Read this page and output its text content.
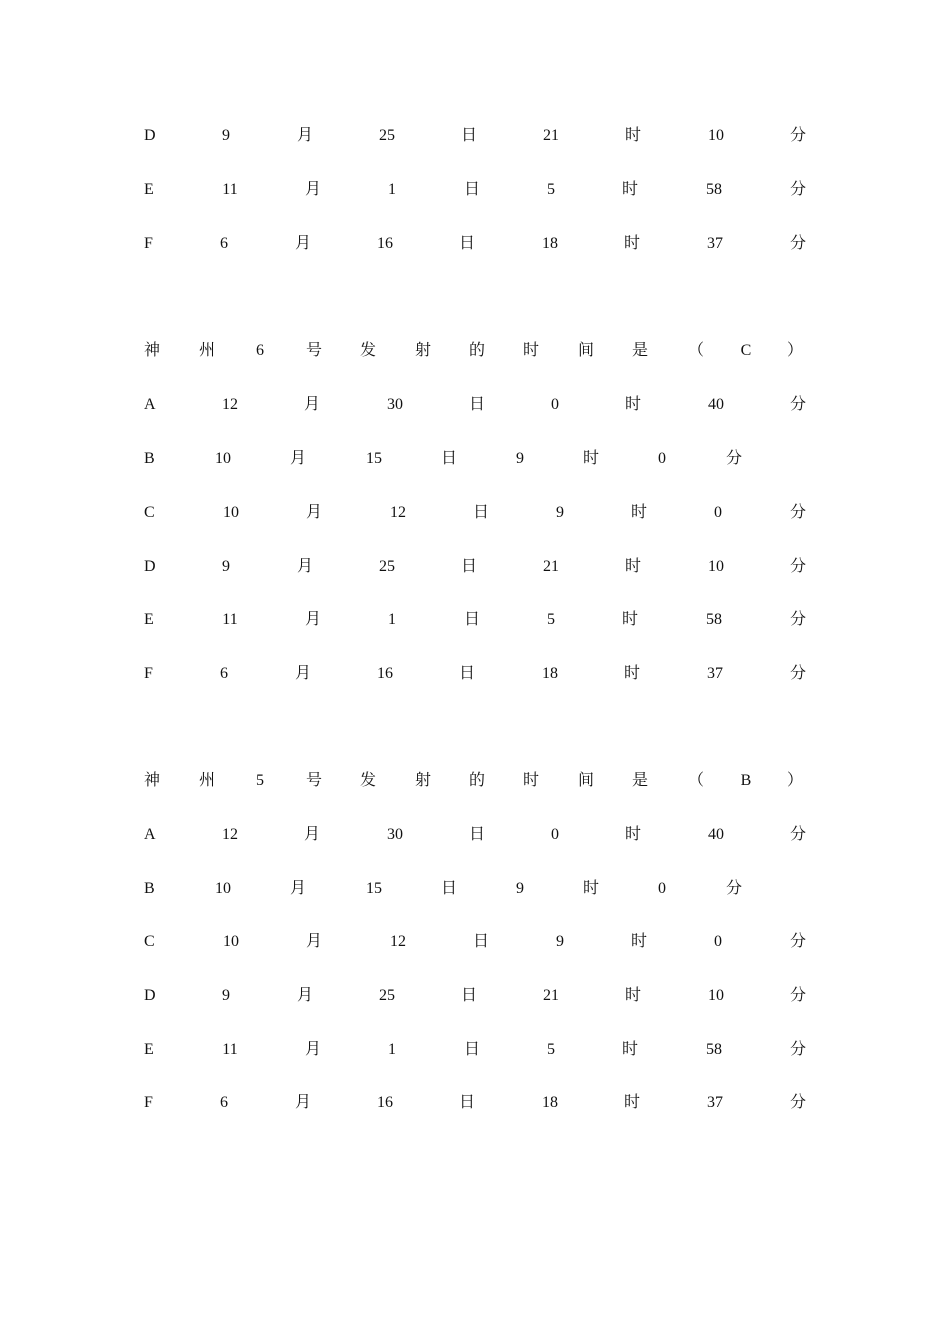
D	9	月	25	日	21	时	10	分
E	11	月	1	日	5	时	58	分
F	6	月	16	日	18	时	37	分
神 州	6	号 发 射 的 时 间 是 （ C ）
A	12	月	30	日	0	时	40	分
B	10	月	15	日	9	时	0	分
C	10	月	12	日	9	时	0	分
D	9	月	25	日	21	时	10	分
E	11	月	1	日	5	时	58	分
F	6	月	16	日	18	时	37	分
神 州	5	号 发 射 的 时 间 是 （ B ）
A	12	月	30	日	0	时	40	分
B	10	月	15	日	9	时	0	分
C	10	月	12	日	9	时	0	分
D	9	月	25	日	21	时	10	分
E	11	月	1	日	5	时	58	分
F	6	月	16	日	18	时	37	分
